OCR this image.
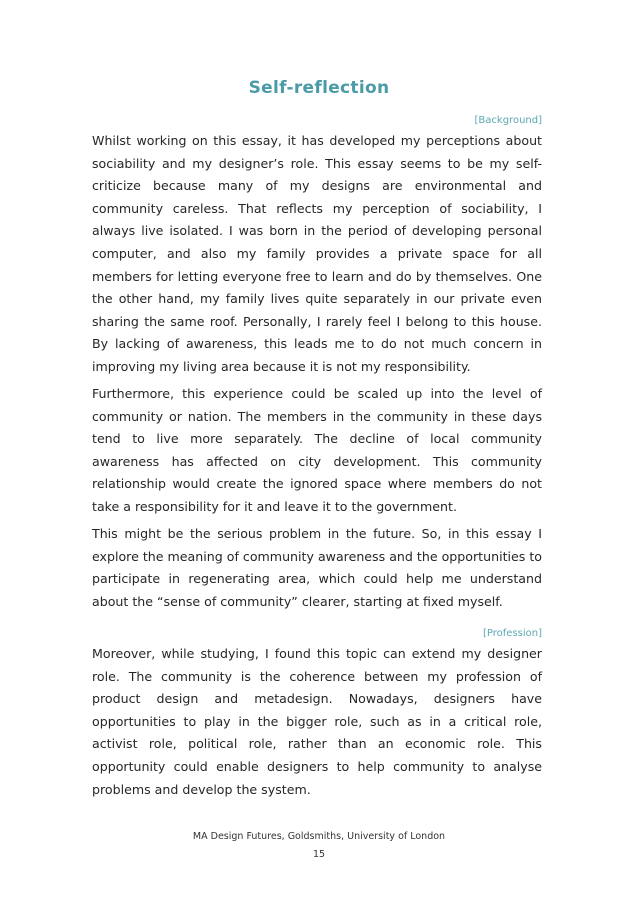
Self-reflection
[Background]

Whilst working on this essay, it has developed my perceptions about sociability and my designer’s role. This essay seems to be my self-criticize because many of my designs are environmental and community careless. That reflects my perception of sociability, I always live isolated. I was born in the period of developing personal computer, and also my family provides a private space for all members for letting everyone free to learn and do by themselves. One the other hand, my family lives quite separately in our private even sharing the same roof. Personally, I rarely feel I belong to this house. By lacking of awareness, this leads me to do not much concern in improving my living area because it is not my responsibility.

Furthermore, this experience could be scaled up into the level of community or nation. The members in the community in these days tend to live more separately. The decline of local community awareness has affected on city development. This community relationship would create the ignored space where members do not take a responsibility for it and leave it to the government.

This might be the serious problem in the future. So, in this essay I explore the meaning of community awareness and the opportunities to participate in regenerating area, which could help me understand about the “sense of community” clearer, starting at fixed myself.

[Profession]

Moreover, while studying, I found this topic can extend my designer role. The community is the coherence between my profession of product design and metadesign. Nowadays, designers have opportunities to play in the bigger role, such as in a critical role, activist role, political role, rather than an economic role. This opportunity could enable designers to help community to analyse problems and develop the system.

MA Design Futures, Goldsmiths, University of London
15
